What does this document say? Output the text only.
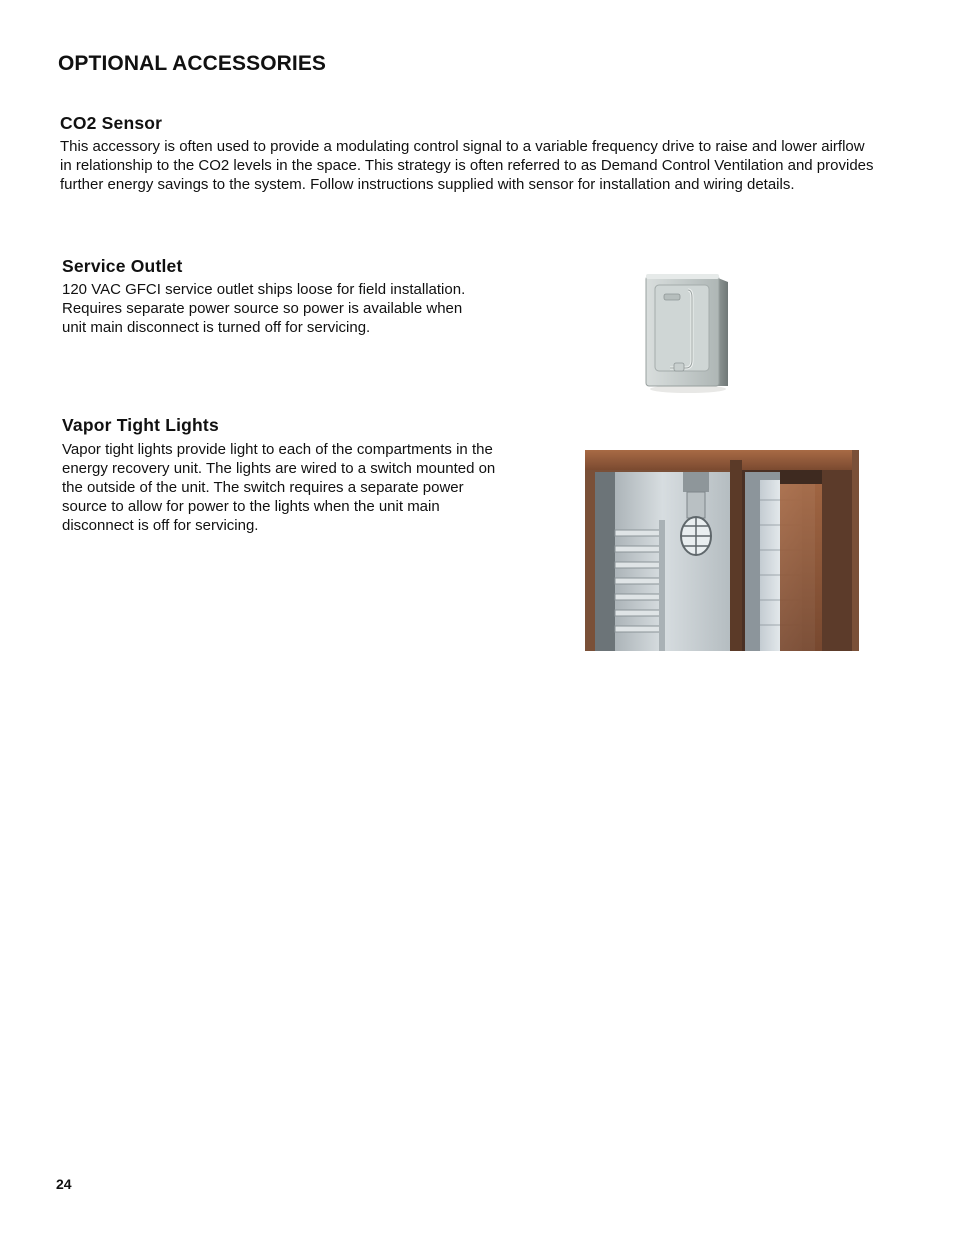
OPTIONAL ACCESSORIES
CO2 Sensor

This accessory is often used to provide a modulating control signal to a variable frequency drive to raise and lower airflow in relationship to the CO2 levels in the space. This strategy is often referred to as Demand Control Ventilation and provides further energy savings to the system. Follow instructions supplied with sensor for installation and wiring details.

Service Outlet

120 VAC GFCI service outlet ships loose for field installation. Requires separate power source so power is available when unit main disconnect is turned off for servicing.

Vapor Tight Lights

Vapor tight lights provide light to each of the compartments in the energy recovery unit. The lights are wired to a switch mounted on the outside of the unit. The switch requires a separate power source to allow for power to the lights when the unit main disconnect is off for servicing.

24
